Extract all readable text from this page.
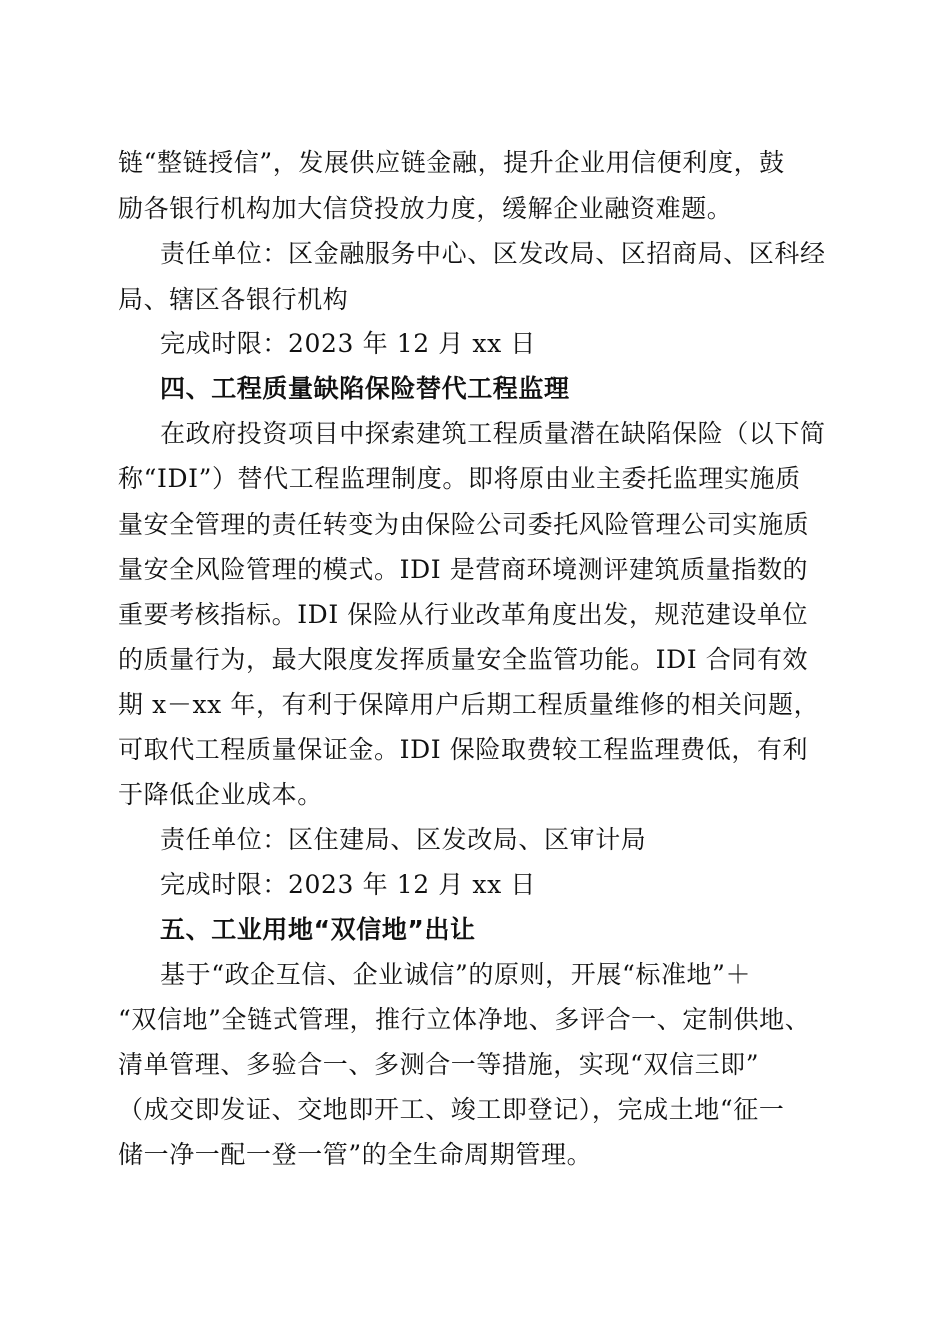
链“整链授信”，发展供应链金融，提升企业用信便利度，鼓
励各银行机构加大信贷投放力度，缓解企业融资难题。
责任单位：区金融服务中心、区发改局、区招商局、区科经
局、辖区各银行机构
完成时限：2023 年 12 月 xx 日
四、工程质量缺陷保险替代工程监理
在政府投资项目中探索建筑工程质量潜在缺陷保险（以下简
称“IDI”）替代工程监理制度。即将原由业主委托监理实施质
量安全管理的责任转变为由保险公司委托风险管理公司实施质
量安全风险管理的模式。IDI 是营商环境测评建筑质量指数的
重要考核指标。IDI 保险从行业改革角度出发，规范建设单位
的质量行为，最大限度发挥质量安全监管功能。IDI 合同有效
期 x－xx 年，有利于保障用户后期工程质量维修的相关问题，
可取代工程质量保证金。IDI 保险取费较工程监理费低，有利
于降低企业成本。
责任单位：区住建局、区发改局、区审计局
完成时限：2023 年 12 月 xx 日
五、工业用地“双信地”出让
基于“政企互信、企业诚信”的原则，开展“标准地”＋
“双信地”全链式管理，推行立体净地、多评合一、定制供地、
清单管理、多验合一、多测合一等措施，实现“双信三即”
（成交即发证、交地即开工、竣工即登记），完成土地“征一
储一净一配一登一管”的全生命周期管理。
